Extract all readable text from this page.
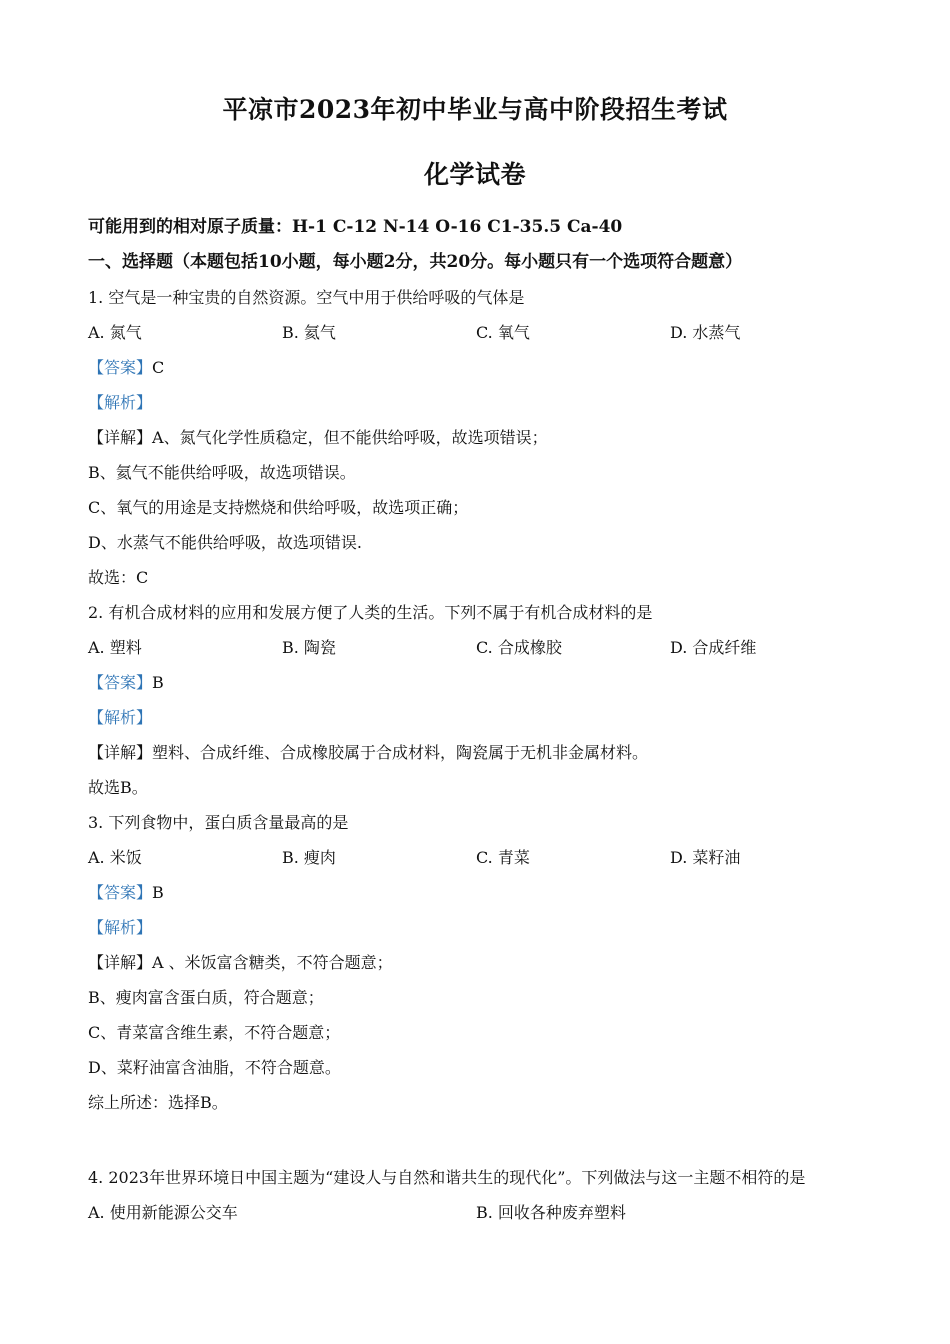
平凉市2023年初中毕业与高中阶段招生考试
化学试卷
可能用到的相对原子质量：H-1 C-12 N-14 O-16 C1-35.5 Ca-40
一、选择题（本题包括10小题，每小题2分，共20分。每小题只有一个选项符合题意）
1. 空气是一种宝贵的自然资源。空气中用于供给呼吸的气体是
A. 氮气	B. 氦气	C. 氧气	D. 水蒸气
【答案】C
【解析】
【详解】A、氮气化学性质稳定，但不能供给呼吸，故选项错误；
B、氦气不能供给呼吸，故选项错误。
C、氧气的用途是支持燃烧和供给呼吸，故选项正确；
D、水蒸气不能供给呼吸，故选项错误.
故选：C
2. 有机合成材料的应用和发展方便了人类的生活。下列不属于有机合成材料的是
A. 塑料	B. 陶瓷	C. 合成橡胶	D. 合成纤维
【答案】B
【解析】
【详解】塑料、合成纤维、合成橡胶属于合成材料，陶瓷属于无机非金属材料。
故选B。
3. 下列食物中，蛋白质含量最高的是
A. 米饭	B. 瘦肉	C. 青菜	D. 菜籽油
【答案】B
【解析】
【详解】A 、米饭富含糖类，不符合题意；
B、瘦肉富含蛋白质，符合题意；
C、青菜富含维生素，不符合题意；
D、菜籽油富含油脂，不符合题意。
综上所述：选择B。
4. 2023年世界环境日中国主题为“建设人与自然和谐共生的现代化”。下列做法与这一主题不相符的是
A. 使用新能源公交车	B. 回收各种废弃塑料
